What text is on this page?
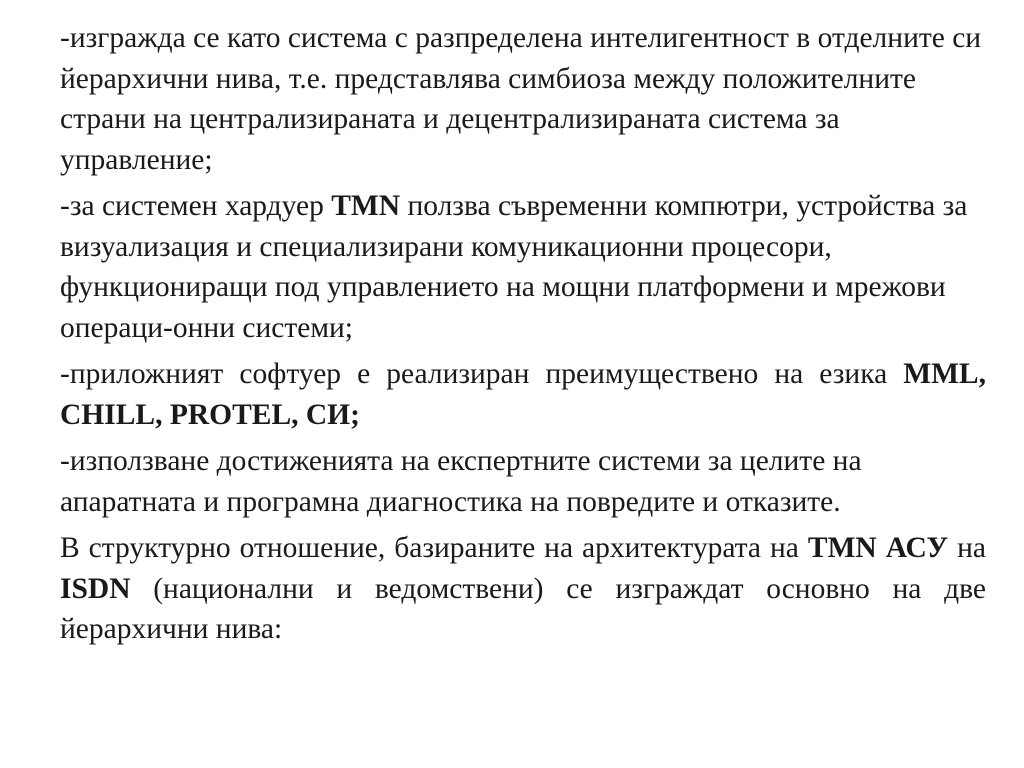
-изгражда се като система с разпределена интелигентност в отделните си йерархични нива, т.е. представлява симбиоза между положителните страни на централизираната и децентрализираната система за управление;

-за системен хардуер TMN ползва съвременни компютри, устройства за визуализация и специализирани комуникационни процесори, функциониращи под управлението на мощни платформени и мрежови операци-онни системи;

-приложният софтуер е реализиран преимуществено на езика MML, CHILL, PROTEL, СИ;

-използване достиженията на експертните системи за целите на апаратната и програмна диагностика на повредите и отказите.

В структурно отношение, базираните на архитектурата на TMN АСУ на ISDN (национални и ведомствени) се изграждат основно на две йерархични нива:
